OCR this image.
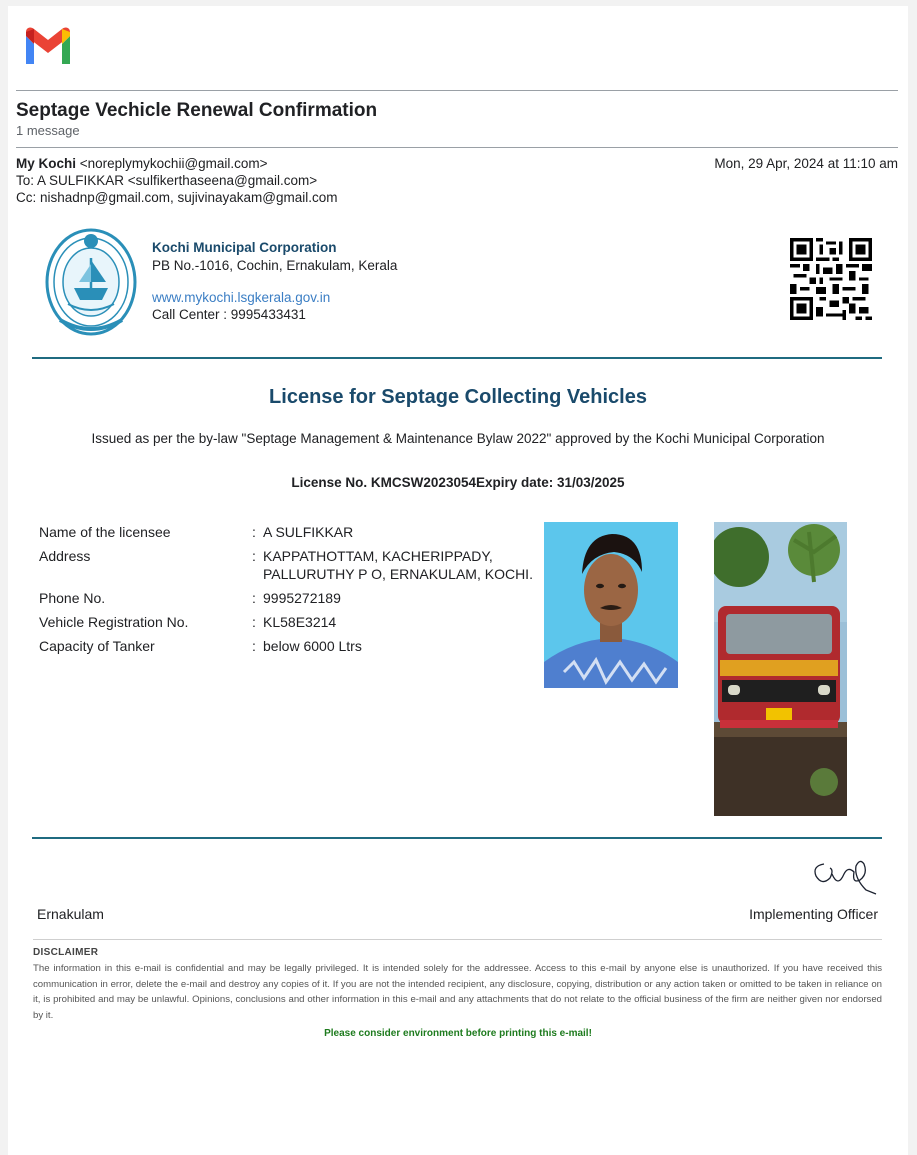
Septage Vechicle Renewal Confirmation
1 message
My Kochi <noreplymykochii@gmail.com>	Mon, 29 Apr, 2024 at 11:10 am
To: A SULFIKKAR <sulfikerthaseena@gmail.com>
Cc: nishadnp@gmail.com, sujivinayakam@gmail.com
Kochi Municipal Corporation
PB No.-1016, Cochin, Ernakulam, Kerala
www.mykochi.lsgkerala.gov.in
Call Center : 9995433431
License for Septage Collecting Vehicles
Issued as per the by-law "Septage Management & Maintenance Bylaw 2022" approved by the Kochi Municipal Corporation
License No. KMCSW2023054Expiry date: 31/03/2025
Name of the licensee	: A SULFIKKAR
Address	: KAPPATHOTTAM, KACHERIPPADY,
PALLURUTHY P O, ERNAKULAM, KOCHI.
Phone No.	: 9995272189
Vehicle Registration No.	: KL58E3214
Capacity of Tanker	: below 6000 Ltrs
Ernakulam	Implementing Officer
DISCLAIMER
The information in this e-mail is confidential and may be legally privileged. It is intended solely for the addressee. Access to this e-mail by anyone else is unauthorized. If you have received this communication in error, delete the e-mail and destroy any copies of it. If you are not the intended recipient, any disclosure, copying, distribution or any action taken or omitted to be taken in reliance on it, is prohibited and may be unlawful. Opinions, conclusions and other information in this e-mail and any attachments that do not relate to the official business of the firm are neither given nor endorsed by it.
Please consider environment before printing this e-mail!
